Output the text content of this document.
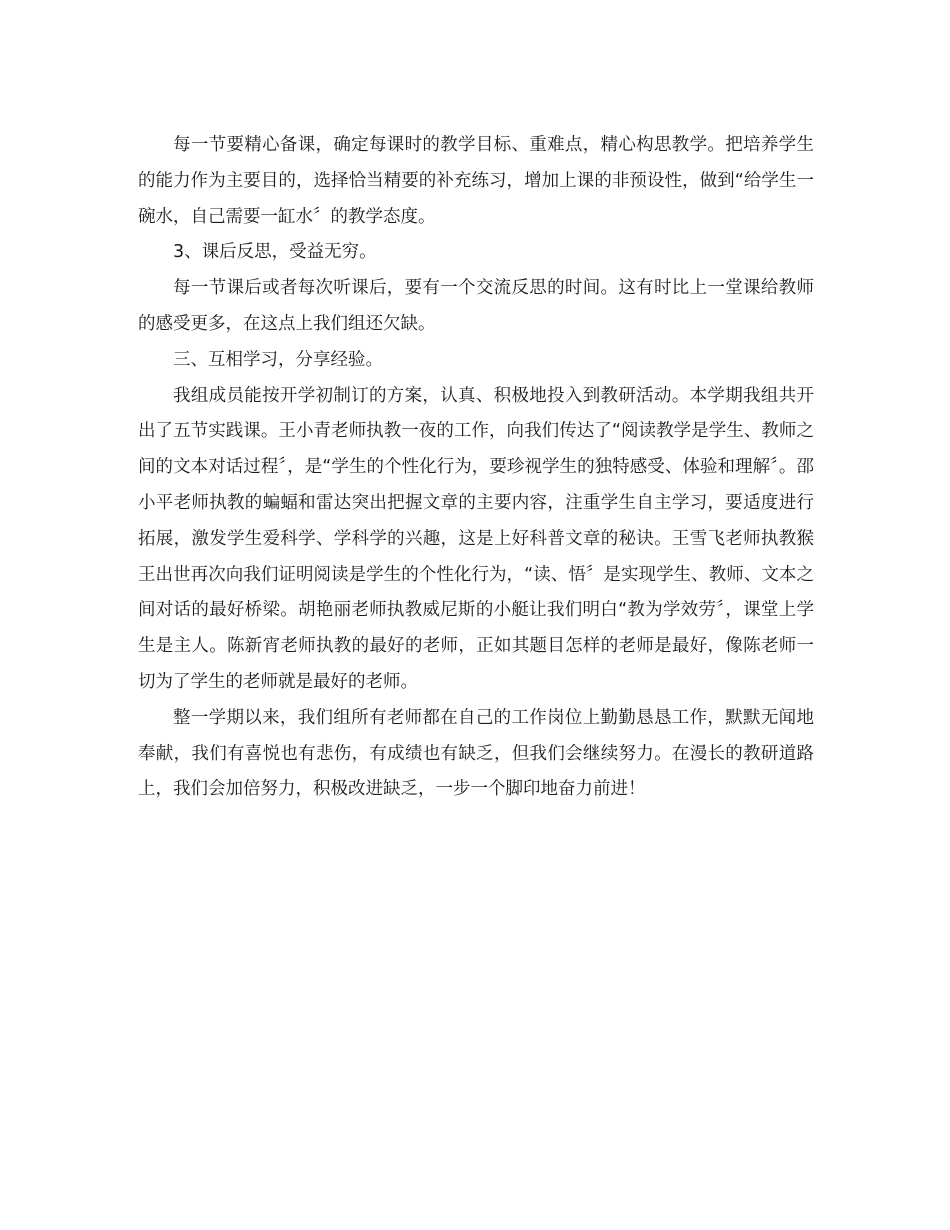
每一节要精心备课，确定每课时的教学目标、重难点，精心构思教学。把培养学生的能力作为主要目的，选择恰当精要的补充练习，增加上课的非预设性，做到“给学生一碗水，自己需要一缸水〞的教学态度。

3、课后反思，受益无穷。

每一节课后或者每次听课后，要有一个交流反思的时间。这有时比上一堂课给教师的感受更多，在这点上我们组还欠缺。

三、互相学习，分享经验。

我组成员能按开学初制订的方案，认真、积极地投入到教研活动。本学期我组共开出了五节实践课。王小青老师执教一夜的工作，向我们传达了“阅读教学是学生、教师之间的文本对话过程〞，是“学生的个性化行为，要珍视学生的独特感受、体验和理解〞。邵小平老师执教的蝙蝠和雷达突出把握文章的主要内容，注重学生自主学习，要适度进行拓展，激发学生爱科学、学科学的兴趣，这是上好科普文章的秘诀。王雪飞老师执教猴王出世再次向我们证明阅读是学生的个性化行为，“读、悟〞是实现学生、教师、文本之间对话的最好桥梁。胡艳丽老师执教威尼斯的小艇让我们明白“教为学效劳〞，课堂上学生是主人。陈新宵老师执教的最好的老师，正如其题目怎样的老师是最好，像陈老师一切为了学生的老师就是最好的老师。

整一学期以来，我们组所有老师都在自己的工作岗位上勤勤恳恳工作，默默无闻地奉献，我们有喜悦也有悲伤，有成绩也有缺乏，但我们会继续努力。在漫长的教研道路上，我们会加倍努力，积极改进缺乏，一步一个脚印地奋力前进！
